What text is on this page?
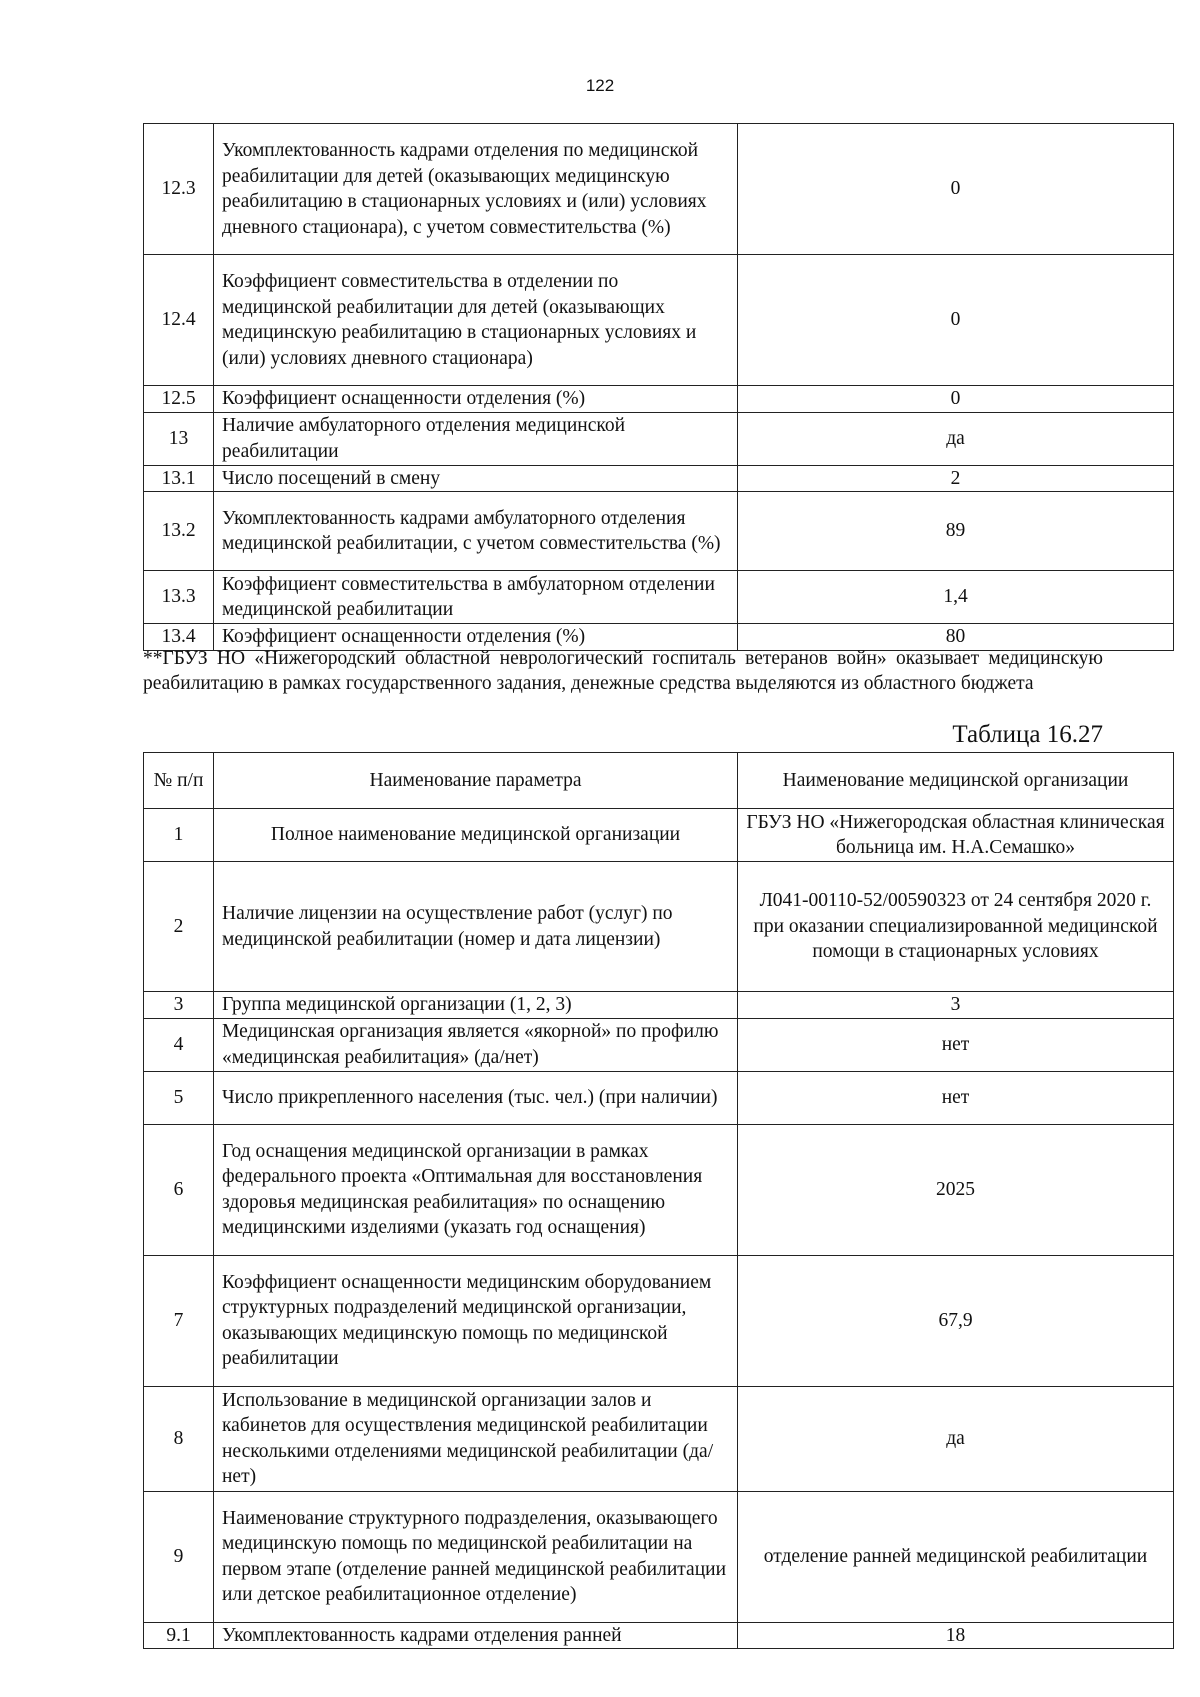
122
12.3	Укомплектованность кадрами отделения по медицинской реабилитации для детей (оказывающих медицинскую реабилитацию в стационарных условиях и (или) условиях дневного стационара), с учетом совместительства (%)	0
12.4	Коэффициент совместительства в отделении по медицинской реабилитации для детей (оказывающих медицинскую реабилитацию в стационарных условиях и (или) условиях дневного стационара)	0
12.5	Коэффициент оснащенности отделения (%)	0
13	Наличие амбулаторного отделения медицинской реабилитации	да
13.1	Число посещений в смену	2
13.2	Укомплектованность кадрами амбулаторного отделения медицинской реабилитации, с учетом совместительства (%)	89
13.3	Коэффициент совместительства в амбулаторном отделении медицинской реабилитации	1,4
13.4	Коэффициент оснащенности отделения (%)	80
**ГБУЗ НО «Нижегородский областной неврологический госпиталь ветеранов войн» оказывает медицинскую реабилитацию в рамках государственного задания, денежные средства выделяются из областного бюджета
Таблица 16.27
№ п/п	Наименование параметра	Наименование медицинской организации
1	Полное наименование медицинской организации	ГБУЗ НО «Нижегородская областная клиническая больница им. Н.А.Семашко»
2	Наличие лицензии на осуществление работ (услуг) по медицинской реабилитации (номер и дата лицензии)	Л041-00110-52/00590323 от 24 сентября 2020 г. при оказании специализированной медицинской помощи в стационарных условиях
3	Группа медицинской организации (1, 2, 3)	3
4	Медицинская организация является «якорной» по профилю «медицинская реабилитация» (да/нет)	нет
5	Число прикрепленного населения (тыс. чел.) (при наличии)	нет
6	Год оснащения медицинской организации в рамках федерального проекта «Оптимальная для восстановления здоровья медицинская реабилитация» по оснащению медицинскими изделиями (указать год оснащения)	2025
7	Коэффициент оснащенности медицинским оборудованием структурных подразделений медицинской организации, оказывающих медицинскую помощь по медицинской реабилитации	67,9
8	Использование в медицинской организации залов и кабинетов для осуществления медицинской реабилитации несколькими отделениями медицинской реабилитации (да/нет)	да
9	Наименование структурного подразделения, оказывающего медицинскую помощь по медицинской реабилитации на первом этапе (отделение ранней медицинской реабилитации или детское реабилитационное отделение)	отделение ранней медицинской реабилитации
9.1	Укомплектованность кадрами отделения ранней	18
